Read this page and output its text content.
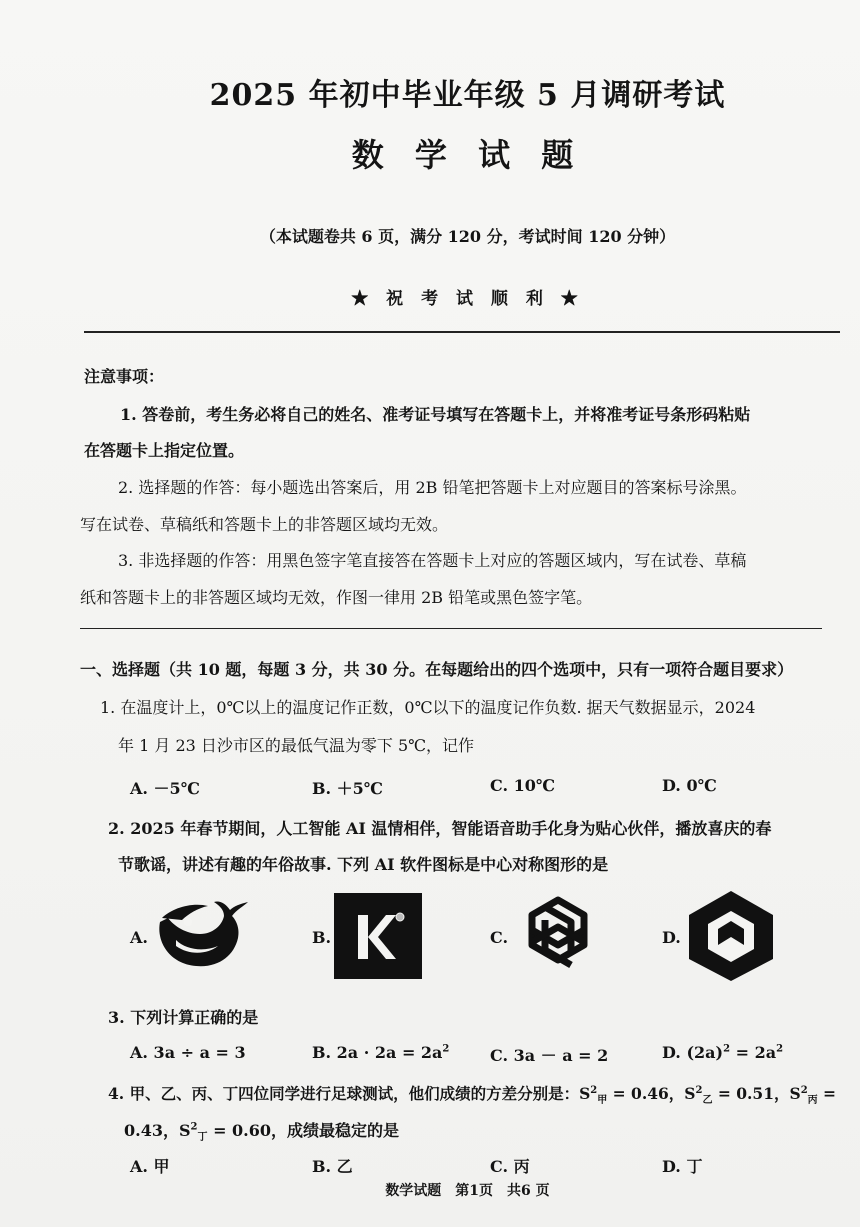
2025 年初中毕业年级 5 月调研考试
数 学 试 题
（本试题卷共 6 页，满分 120 分，考试时间 120 分钟）
★ 祝 考 试 顺 利 ★
注意事项：
1. 答卷前，考生务必将自己的姓名、准考证号填写在答题卡上，并将准考证号条形码粘贴
在答题卡上指定位置。
2. 选择题的作答：每小题选出答案后，用 2B 铅笔把答题卡上对应题目的答案标号涂黑。
写在试卷、草稿纸和答题卡上的非答题区域均无效。
3. 非选择题的作答：用黑色签字笔直接答在答题卡上对应的答题区域内，写在试卷、草稿
纸和答题卡上的非答题区域均无效，作图一律用 2B 铅笔或黑色签字笔。
一、选择题（共 10 题，每题 3 分，共 30 分。在每题给出的四个选项中，只有一项符合题目要求）
1. 在温度计上，0℃以上的温度记作正数，0℃以下的温度记作负数. 据天气数据显示，2024
年 1 月 23 日沙市区的最低气温为零下 5℃，记作
A. －5℃	B. ＋5℃	C. 10℃	D. 0℃
2. 2025 年春节期间，人工智能 AI 温情相伴，智能语音助手化身为贴心伙伴，播放喜庆的春
节歌谣，讲述有趣的年俗故事. 下列 AI 软件图标是中心对称图形的是
A.	B.	C.	D.
3. 下列计算正确的是
A. 3a ÷ a = 3	B. $2a \cdot 2a = 2a^2$	C. 3a － a = 2	D. $(2a)^2 = 2a^2$
4. 甲、乙、丙、丁四位同学进行足球测试，他们成绩的方差分别是：$S^2_甲 = 0.46$，$S^2_乙 = 0.51$，$S^2_丙$ =
0.43，$S^2_丁 = 0.60$，成绩最稳定的是
A. 甲	B. 乙	C. 丙	D. 丁
数学试题　第1页　共6 页
